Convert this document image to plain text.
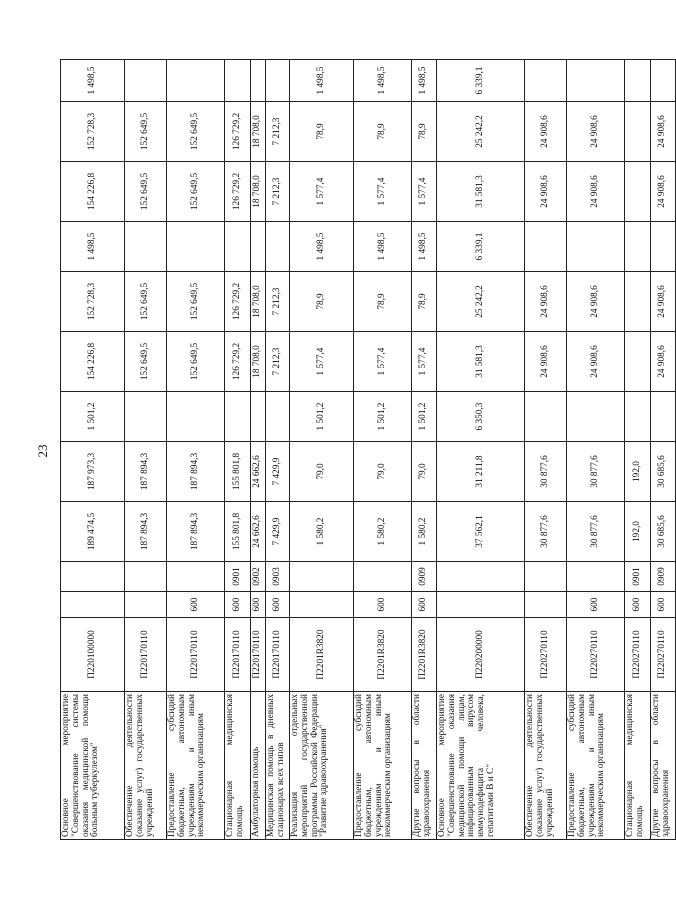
23
Основное мероприятие "Совершенствование системы оказания медицинской помощи больным туберкулезом"	П220100000			189 474,5	187 973,3	1 501,2	154 226,8	152 728,3	1 498,5	154 226,8	152 728,3	1 498,5
Обеспечение деятельности (оказание услуг) государственных учреждений	П220170110			187 894,3	187 894,3		152 649,5	152 649,5		152 649,5	152 649,5	
Предоставление субсидий бюджетным, автономным учреждениям и иным некоммерческим организациям	П220170110	600		187 894,3	187 894,3		152 649,5	152 649,5		152 649,5	152 649,5	
Стационарная медицинская помощь	П220170110	600	0901	155 801,8	155 801,8		126 729,2	126 729,2		126 729,2	126 729,2	
Амбулаторная помощь	П220170110	600	0902	24 662,6	24 662,6		18 708,0	18 708,0		18 708,0	18 708,0	
Медицинская помощь в дневных стационарах всех типов	П220170110	600	0903	7 429,9	7 429,9		7 212,3	7 212,3		7 212,3	7 212,3	
Реализация отдельных мероприятий государственной программы Российской Федерации "Развитие здравоохранения"	П2201R3820			1 580,2	79,0	1 501,2	1 577,4	78,9	1 498,5	1 577,4	78,9	1 498,5
Предоставление субсидий бюджетным, автономным учреждениям и иным некоммерческим организациям	П2201R3820	600		1 580,2	79,0	1 501,2	1 577,4	78,9	1 498,5	1 577,4	78,9	1 498,5
Другие вопросы в области здравоохранения	П2201R3820	600	0909	1 580,2	79,0	1 501,2	1 577,4	78,9	1 498,5	1 577,4	78,9	1 498,5
Основное мероприятие "Совершенствование оказания медицинской помощи лицам, инфицированным вирусом иммунодефицита человека, гепатитами B и C"	П220200000			37 562,1	31 211,8	6 350,3	31 581,3	25 242,2	6 339,1	31 581,3	25 242,2	6 339,1
Обеспечение деятельности (оказание услуг) государственных учреждений	П220270110			30 877,6	30 877,6		24 908,6	24 908,6		24 908,6	24 908,6	
Предоставление субсидий бюджетным, автономным учреждениям и иным некоммерческим организациям	П220270110	600		30 877,6	30 877,6		24 908,6	24 908,6		24 908,6	24 908,6	
Стационарная медицинская помощь	П220270110	600	0901	192,0	192,0							
Другие вопросы в области здравоохранения	П220270110	600	0909	30 685,6	30 685,6		24 908,6	24 908,6		24 908,6	24 908,6	
